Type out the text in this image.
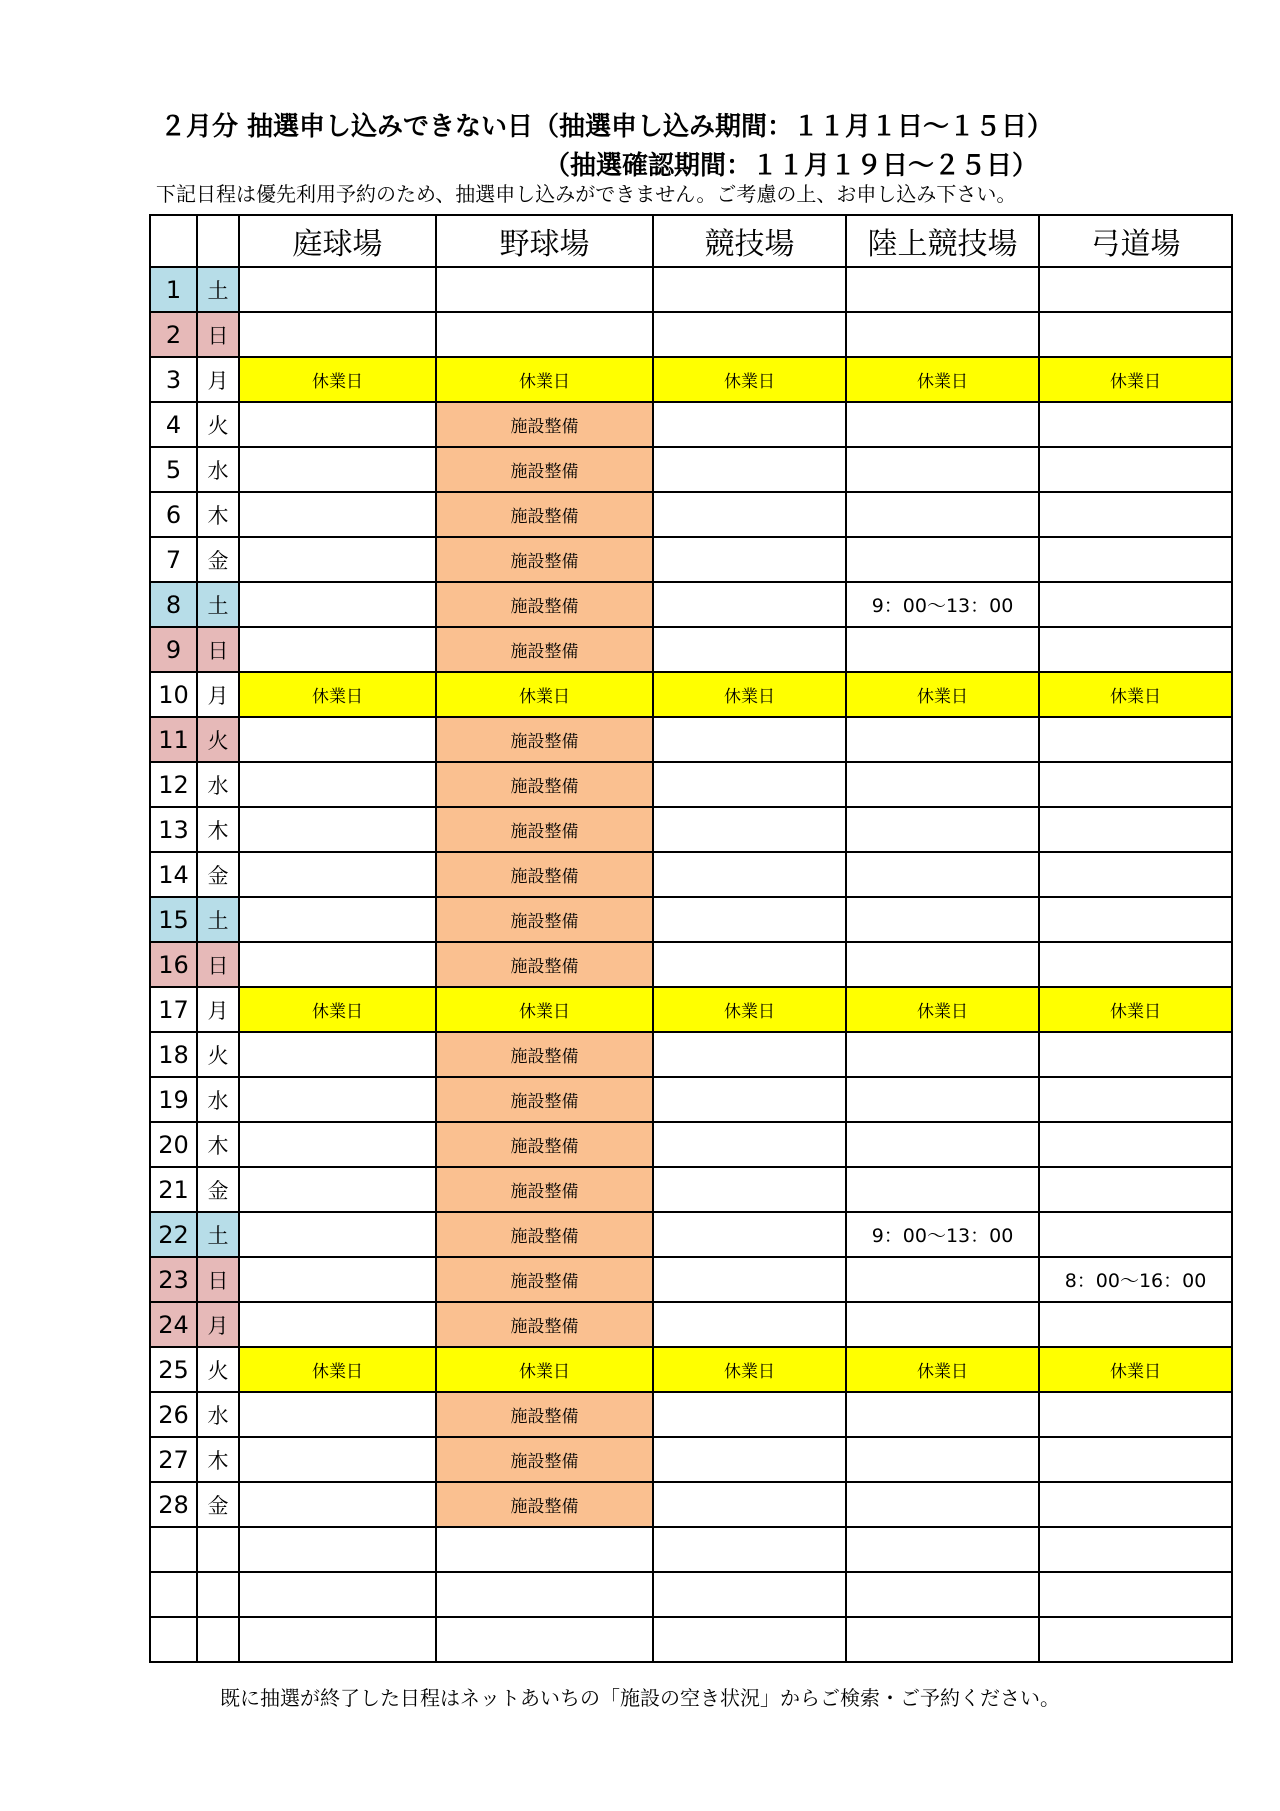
２月分 抽選申し込みできない日（抽選申し込み期間：１１月１日～１５日）
（抽選確認期間：１１月１９日～２５日）
下記日程は優先利用予約のため、抽選申し込みができません。ご考慮の上、お申し込み下さい。
		庭球場	野球場	競技場	陸上競技場	弓道場
1	土					
2	日					
3	月	休業日	休業日	休業日	休業日	休業日
4	火		施設整備			
5	水		施設整備			
6	木		施設整備			
7	金		施設整備			
8	土		施設整備		9：00～13：00	
9	日		施設整備			
10	月	休業日	休業日	休業日	休業日	休業日
11	火		施設整備			
12	水		施設整備			
13	木		施設整備			
14	金		施設整備			
15	土		施設整備			
16	日		施設整備			
17	月	休業日	休業日	休業日	休業日	休業日
18	火		施設整備			
19	水		施設整備			
20	木		施設整備			
21	金		施設整備			
22	土		施設整備		9：00～13：00	
23	日		施設整備			8：00～16：00
24	月		施設整備			
25	火	休業日	休業日	休業日	休業日	休業日
26	水		施設整備			
27	木		施設整備			
28	金		施設整備			

既に抽選が終了した日程はネットあいちの「施設の空き状況」からご検索・ご予約ください。
